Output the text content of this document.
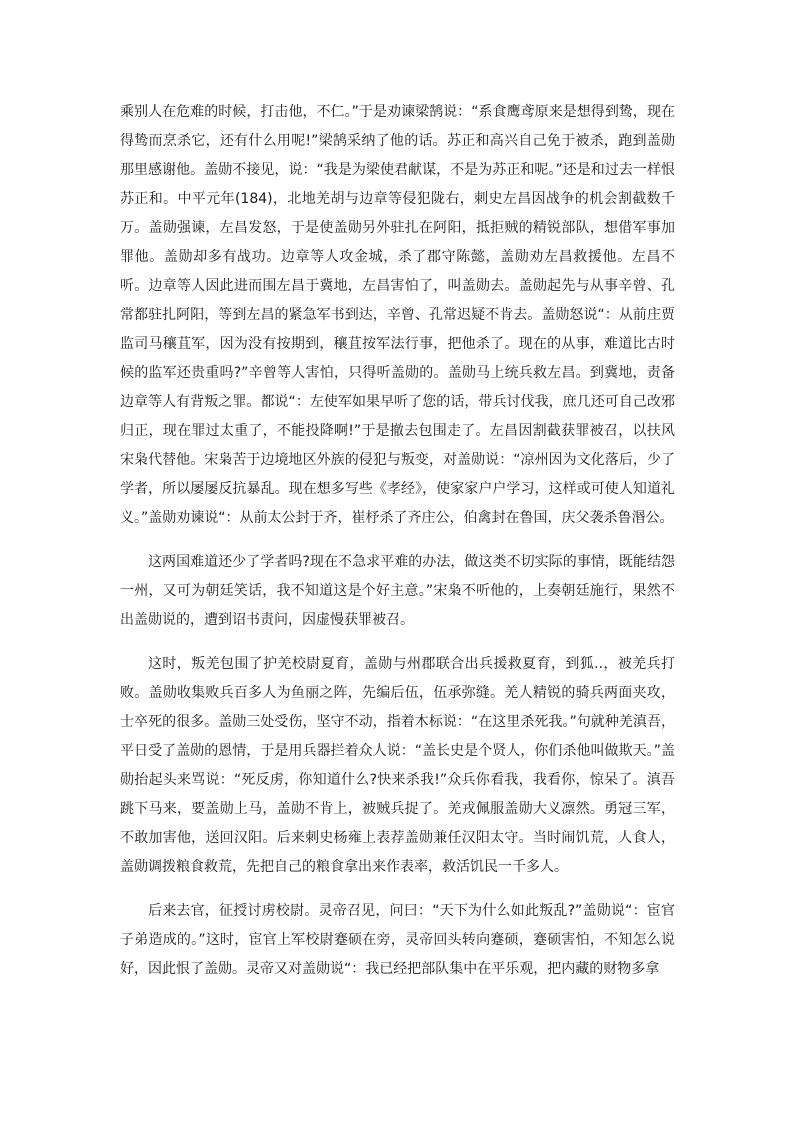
乘别人在危难的时候，打击他，不仁。”于是劝谏梁鹄说：“系食鹰鸢原来是想得到鸷，现在得鸷而烹杀它，还有什么用呢!”梁鹄采纳了他的话。苏正和高兴自己免于被杀，跑到盖勋那里感谢他。盖勋不接见，说：“我是为梁使君献谋，不是为苏正和呢。”还是和过去一样恨苏正和。中平元年(184)，北地羌胡与边章等侵犯陇右，刺史左昌因战争的机会割截数千万。盖勋强谏，左昌发怒，于是使盖勋另外驻扎在阿阳，抵拒贼的精锐部队，想借军事加罪他。盖勋却多有战功。边章等人攻金城，杀了郡守陈懿，盖勋劝左昌救援他。左昌不听。边章等人因此进而围左昌于冀地，左昌害怕了，叫盖勋去。盖勋起先与从事辛曾、孔常都驻扎阿阳，等到左昌的紧急军书到达，辛曾、孔常迟疑不肯去。盖勋怒说“：从前庄贾监司马穰苴军，因为没有按期到，穰苴按军法行事，把他杀了。现在的从事，难道比古时候的监军还贵重吗?”辛曾等人害怕，只得听盖勋的。盖勋马上统兵救左昌。到冀地，责备边章等人有背叛之罪。都说“：左使军如果早听了您的话，带兵讨伐我，庶几还可自己改邪归正，现在罪过太重了，不能投降啊!”于是撤去包围走了。左昌因割截获罪被召，以扶风宋枭代替他。宋枭苦于边境地区外族的侵犯与叛变，对盖勋说：“凉州因为文化落后，少了学者，所以屡屡反抗暴乱。现在想多写些《孝经》，使家家户户学习，这样或可使人知道礼义。”盖勋劝谏说“：从前太公封于齐，崔杼杀了齐庄公，伯禽封在鲁国，庆父袭杀鲁湣公。

这两国难道还少了学者吗?现在不急求平难的办法，做这类不切实际的事情，既能结怨一州，又可为朝廷笑话，我不知道这是个好主意。”宋枭不听他的，上奏朝廷施行，果然不出盖勋说的，遭到诏书责问，因虚慢获罪被召。

这时，叛羌包围了护羌校尉夏育，盖勋与州郡联合出兵援救夏育，到狐..，被羌兵打败。盖勋收集败兵百多人为鱼丽之阵，先编后伍，伍承弥缝。羌人精锐的骑兵两面夹攻，士卒死的很多。盖勋三处受伤，坚守不动，指着木标说：“在这里杀死我。”句就种羌滇吾，平日受了盖勋的恩情，于是用兵器拦着众人说：“盖长史是个贤人，你们杀他叫做欺天。”盖勋抬起头来骂说：“死反虏，你知道什么?快来杀我!”众兵你看我，我看你，惊呆了。滇吾跳下马来，要盖勋上马，盖勋不肯上，被贼兵捉了。羌戎佩服盖勋大义凛然。勇冠三军，不敢加害他，送回汉阳。后来刺史杨雍上表荐盖勋兼任汉阳太守。当时闹饥荒，人食人，盖勋调拨粮食救荒，先把自己的粮食拿出来作表率，救活饥民一千多人。

后来去官，征授讨虏校尉。灵帝召见，问曰：“天下为什么如此叛乱?”盖勋说“：宦官子弟造成的。”这时，宦官上军校尉蹇硕在旁，灵帝回头转向蹇硕，蹇硕害怕，不知怎么说好，因此恨了盖勋。灵帝又对盖勋说“：我已经把部队集中在平乐观，把内藏的财物多拿
